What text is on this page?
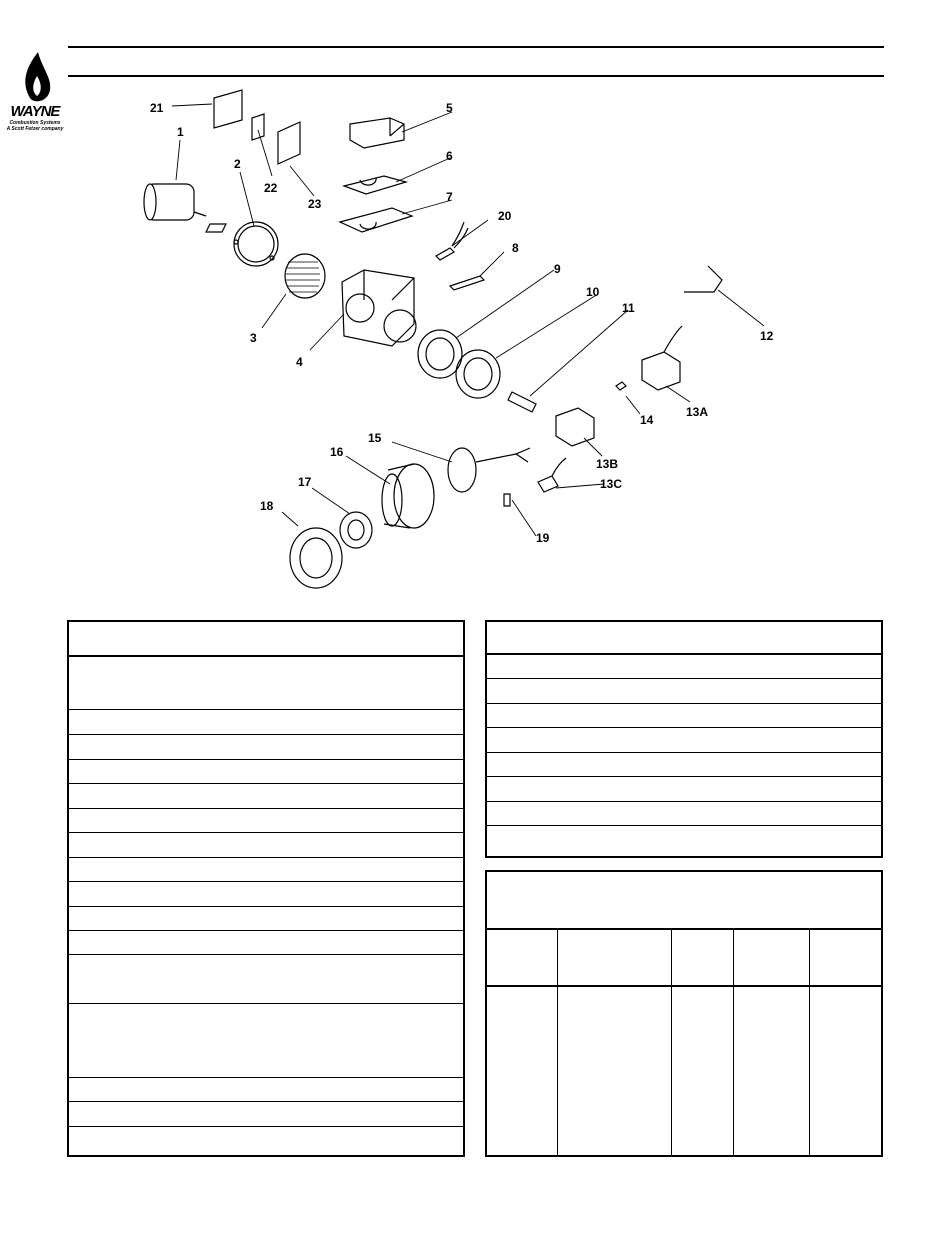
WAYNE
Combustion Systems
A Scott Fetzer company	1
2
3
4
5
6
7
20
8
9
10
11
12
13A
14
13B
13C
15
16
17
18
19
21
22
23
